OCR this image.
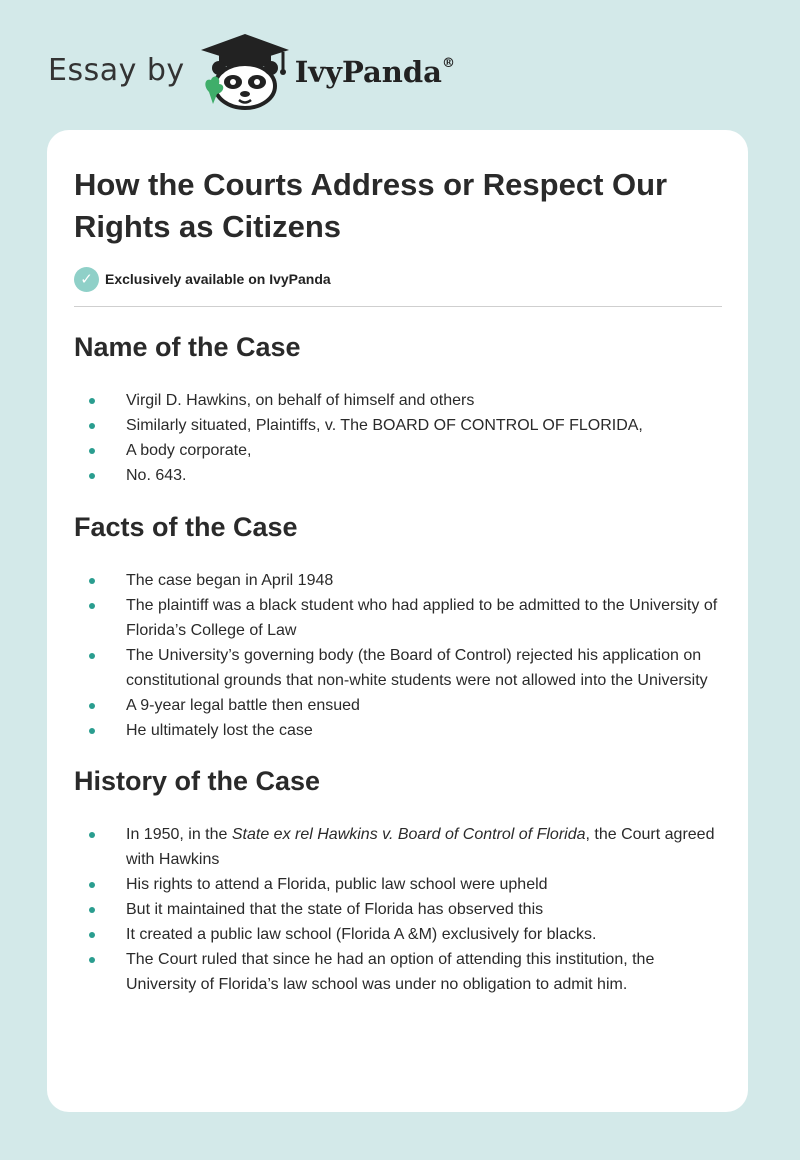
Essay by	IvyPanda®
How the Courts Address or Respect Our Rights as Citizens
✓ Exclusively available on IvyPanda
Name of the Case
Virgil D. Hawkins, on behalf of himself and others
Similarly situated, Plaintiffs, v. The BOARD OF CONTROL OF FLORIDA,
A body corporate,
No. 643.
Facts of the Case
The case began in April 1948
The plaintiff was a black student who had applied to be admitted to the University of Florida’s College of Law
The University’s governing body (the Board of Control) rejected his application on constitutional grounds that non-white students were not allowed into the University
A 9-year legal battle then ensued
He ultimately lost the case
History of the Case
In 1950, in the State ex rel Hawkins v. Board of Control of Florida, the Court agreed with Hawkins
His rights to attend a Florida, public law school were upheld
But it maintained that the state of Florida has observed this
It created a public law school (Florida A &M) exclusively for blacks.
The Court ruled that since he had an option of attending this institution, the University of Florida’s law school was under no obligation to admit him.
